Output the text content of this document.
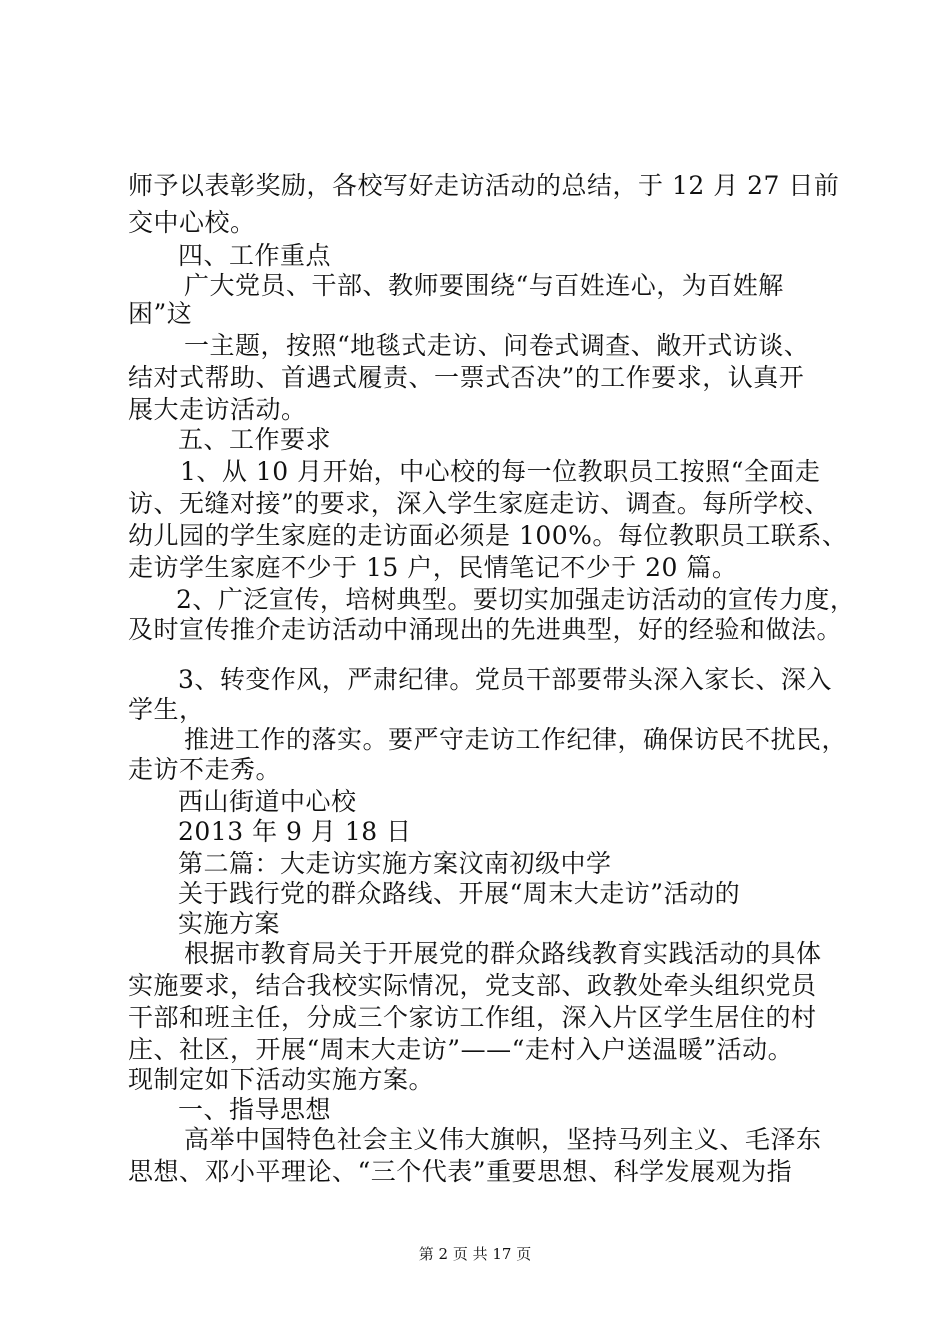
师予以表彰奖励，各校写好走访活动的总结，于 12 月 27 日前
交中心校。
四、工作重点
广大党员、干部、教师要围绕“与百姓连心，为百姓解
困”这
一主题，按照“地毯式走访、问卷式调查、敞开式访谈、
结对式帮助、首遇式履责、一票式否决”的工作要求，认真开
展大走访活动。
五、工作要求
1、从 10 月开始，中心校的每一位教职员工按照“全面走
访、无缝对接”的要求，深入学生家庭走访、调查。每所学校、
幼儿园的学生家庭的走访面必须是 100%。每位教职员工联系、
走访学生家庭不少于 15 户，民情笔记不少于 20 篇。
2、广泛宣传，培树典型。要切实加强走访活动的宣传力度，
及时宣传推介走访活动中涌现出的先进典型，好的经验和做法。
3、转变作风，严肃纪律。党员干部要带头深入家长、深入
学生，
推进工作的落实。要严守走访工作纪律，确保访民不扰民，
走访不走秀。
西山街道中心校
2013 年 9 月 18 日
第二篇：大走访实施方案汶南初级中学
关于践行党的群众路线、开展“周末大走访”活动的
实施方案
根据市教育局关于开展党的群众路线教育实践活动的具体
实施要求，结合我校实际情况，党支部、政教处牵头组织党员
干部和班主任，分成三个家访工作组，深入片区学生居住的村
庄、社区，开展“周末大走访”——“走村入户送温暖”活动。
现制定如下活动实施方案。
一、指导思想
高举中国特色社会主义伟大旗帜，坚持马列主义、毛泽东
思想、邓小平理论、“三个代表”重要思想、科学发展观为指
第 2 页 共 17 页
